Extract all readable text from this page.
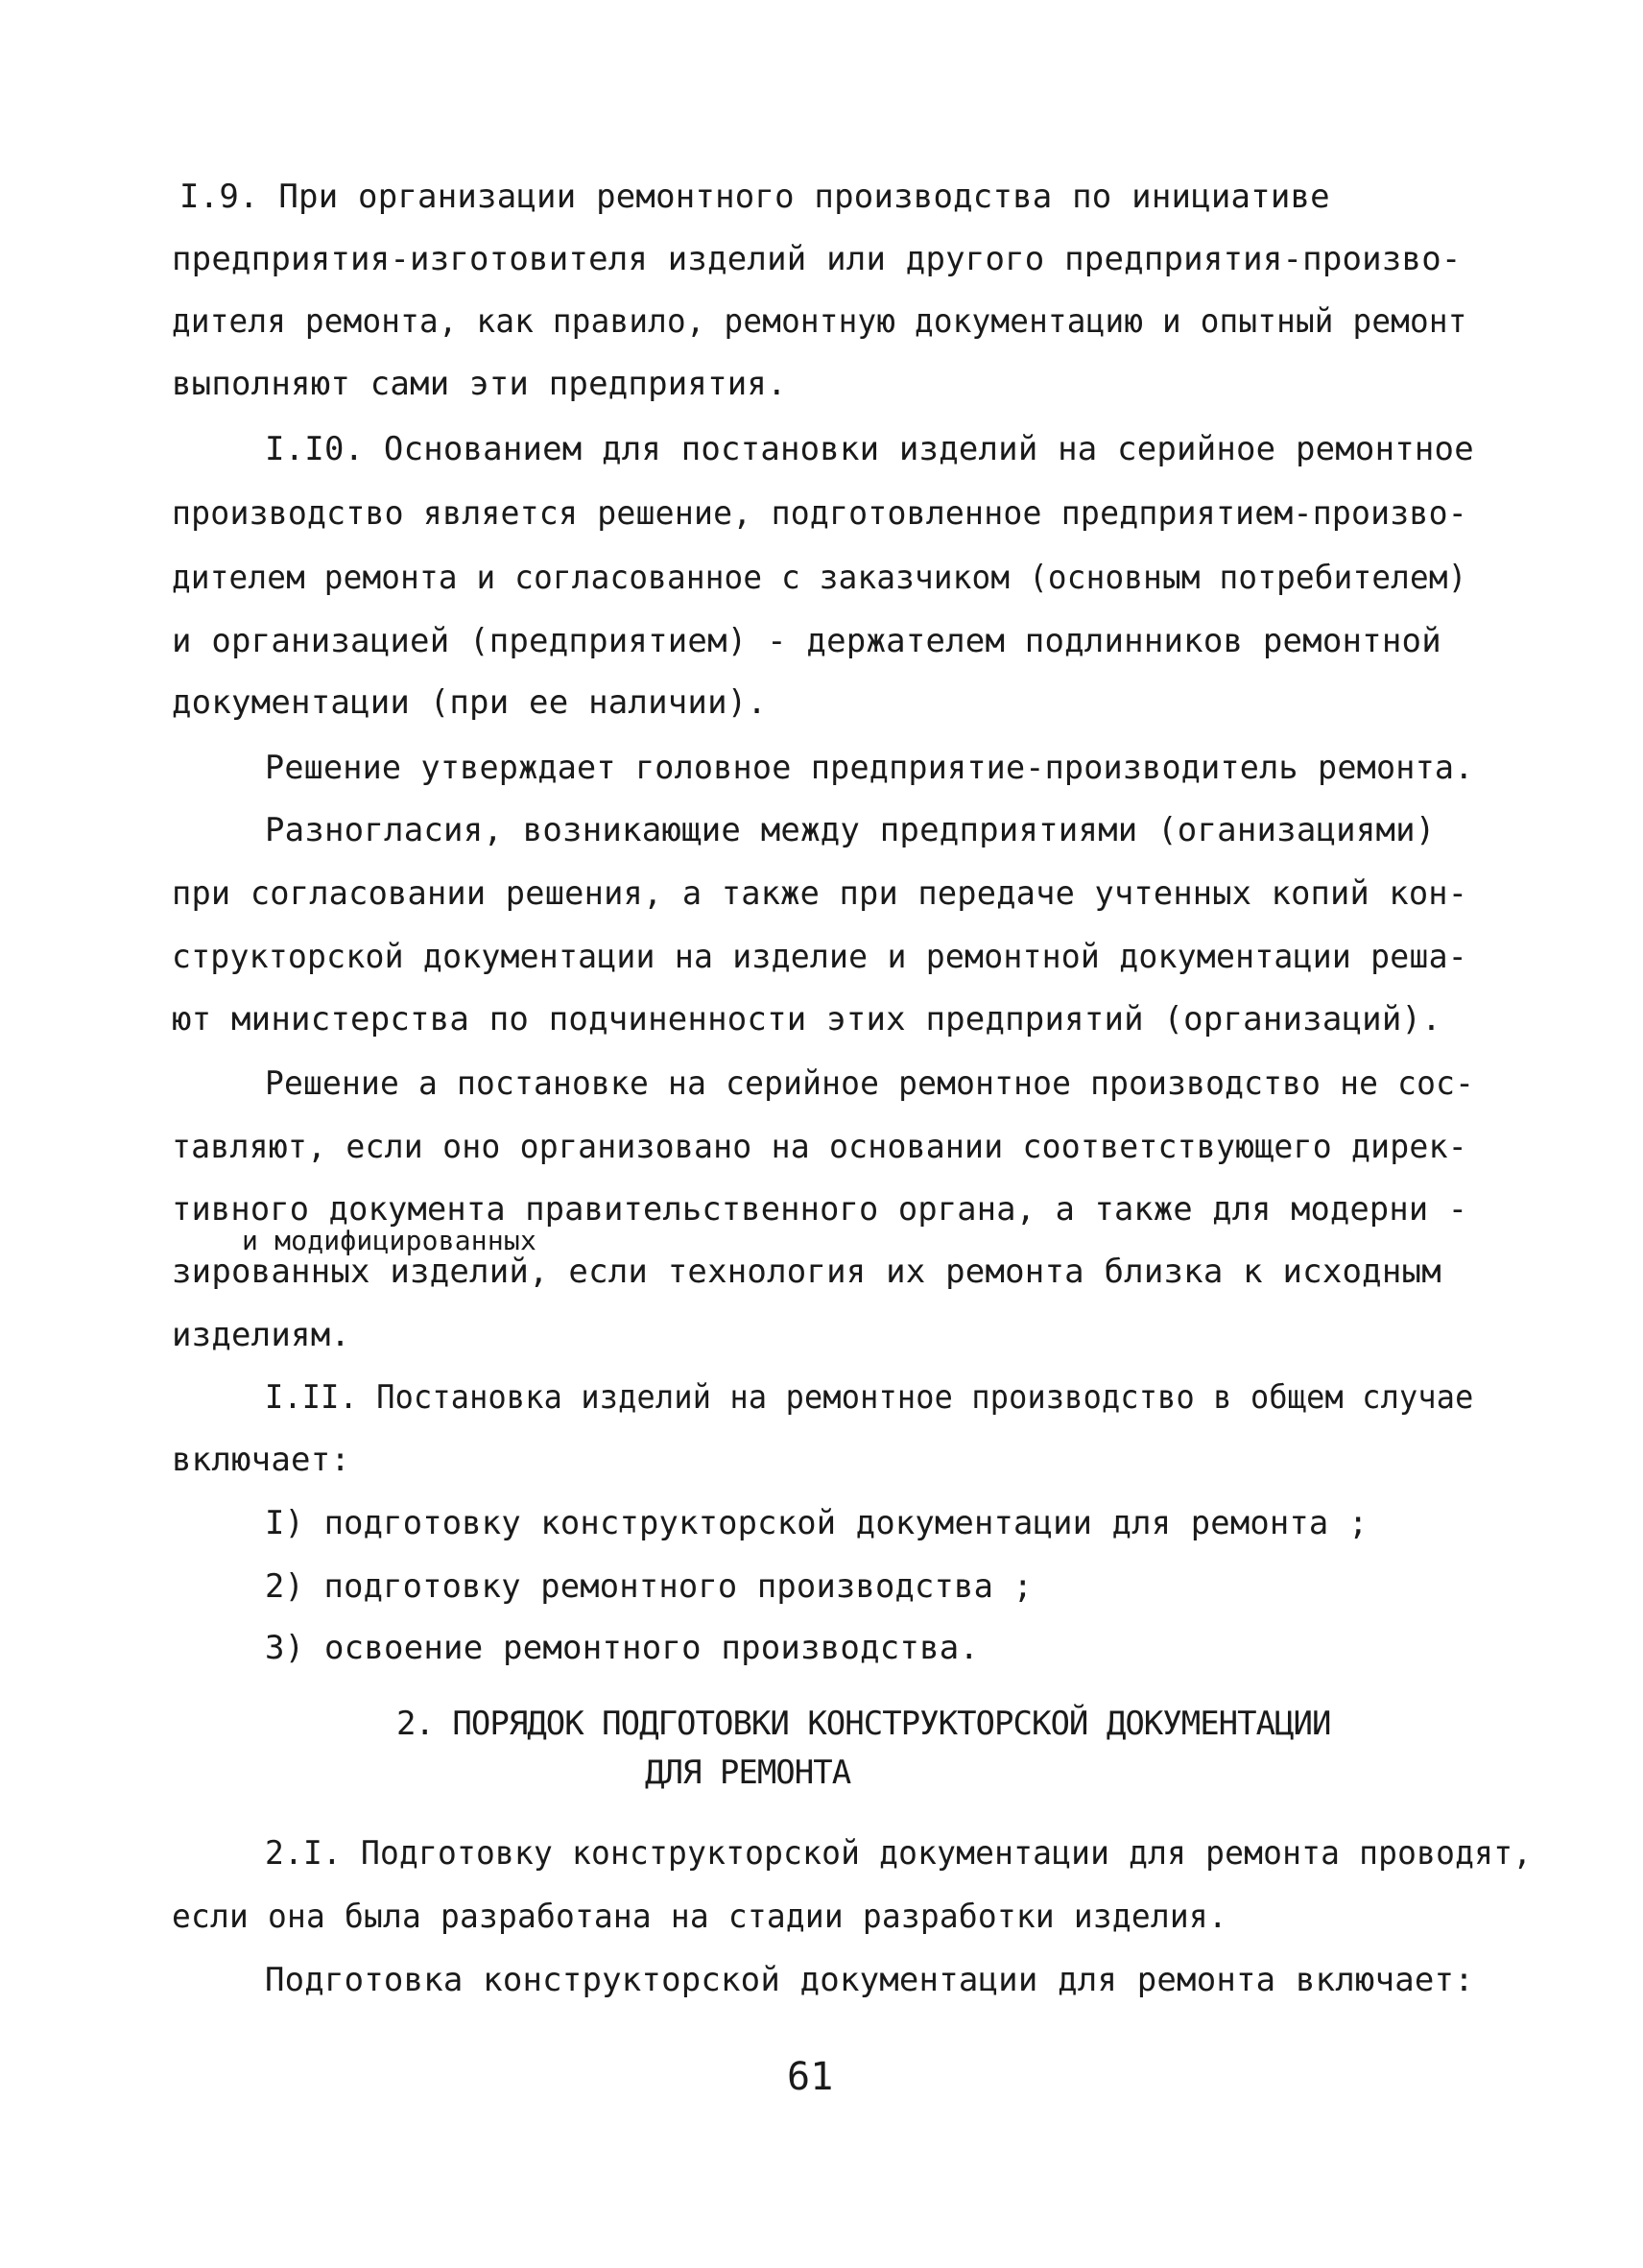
I.9. При организации ремонтного производства по инициативе
предприятия-изготовителя изделий или другого предприятия-произво-
дителя ремонта, как правило, ремонтную документацию и опытный ремонт
выполняют сами эти предприятия.
I.I0. Основанием для постановки изделий на серийное ремонтное
производство является решение, подготовленное предприятием-произво-
дителем ремонта и согласованное с заказчиком (основным потребителем)
и организацией (предприятием) - держателем подлинников ремонтной
документации (при ее наличии).
Решение утверждает головное предприятие-производитель ремонта.
Разногласия, возникающие между предприятиями (оганизациями)
при согласовании решения, а также при передаче учтенных копий кон-
структорской документации на изделие и ремонтной документации реша-
ют министерства по подчиненности этих предприятий (организаций).
Решение а постановке на серийное ремонтное производство не сос-
тавляют, если оно организовано на основании соответствующего дирек-
тивного документа правительственного органа, а также для модерни -
и модифицированных
зированных изделий, если технология их ремонта близка к исходным
изделиям.
I.II. Постановка изделий на ремонтное производство в общем случае
включает:
I) подготовку конструкторской документации для ремонта ;
2) подготовку ремонтного производства ;
3) освоение ремонтного производства.
2. ПОРЯДОК ПОДГОТОВКИ КОНСТРУКТОРСКОЙ ДОКУМЕНТАЦИИ
ДЛЯ РЕМОНТА
2.I. Подготовку конструкторской документации для ремонта проводят,
если она была разработана на стадии разработки изделия.
Подготовка конструкторской документации для ремонта включает:
61
